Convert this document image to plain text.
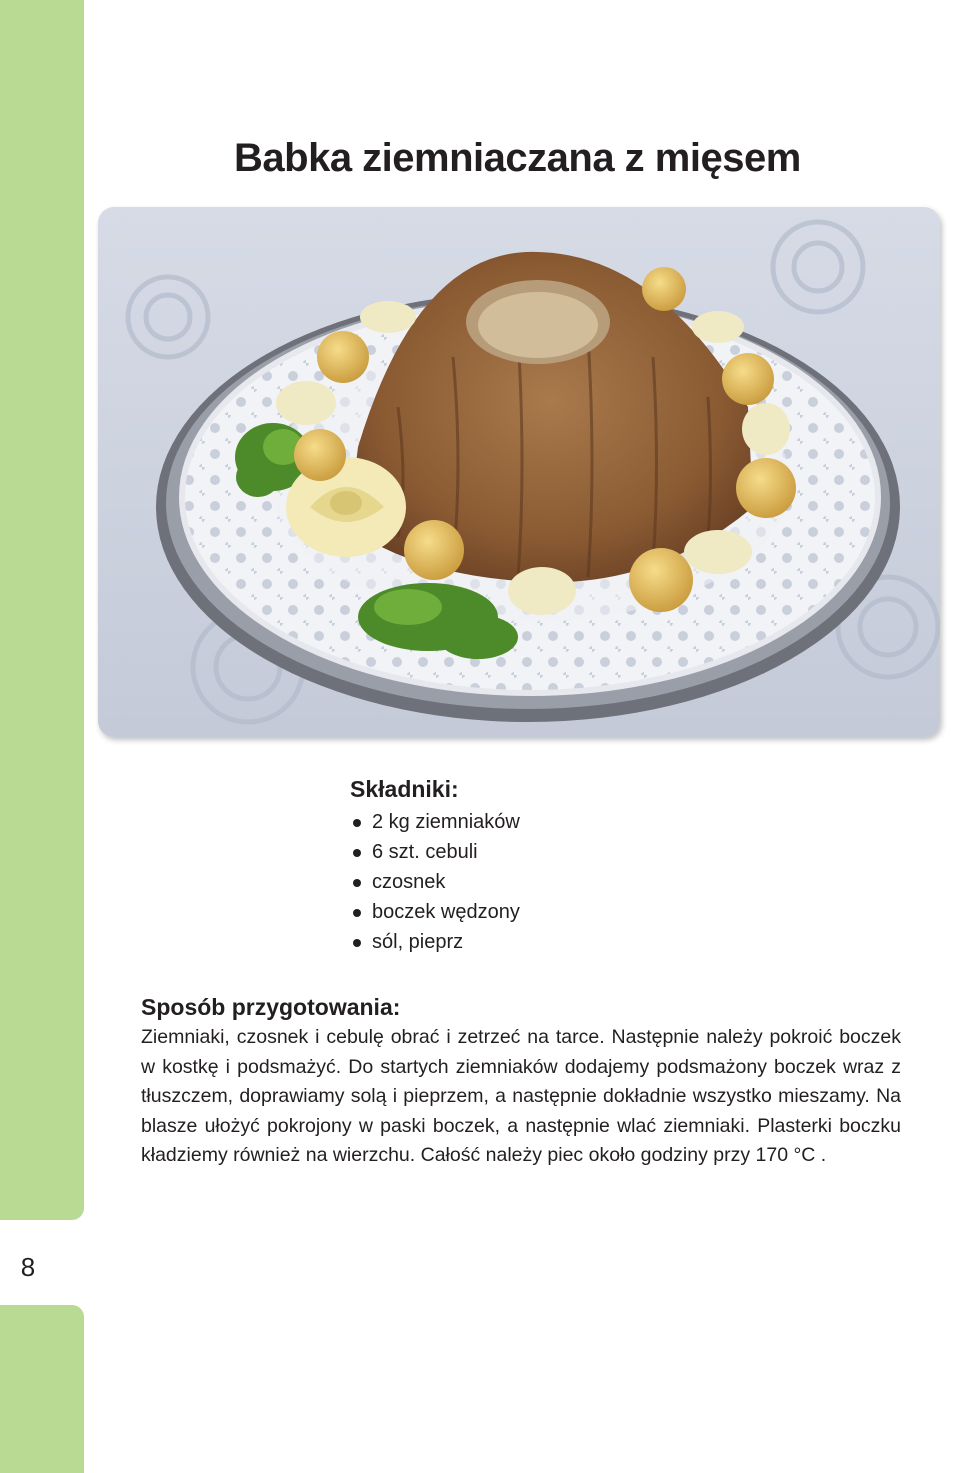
8
Babka ziemniaczana z mięsem
Składniki:
2 kg ziemniaków
6 szt. cebuli
czosnek
boczek wędzony
sól, pieprz
Sposób przygotowania:

Ziemniaki, czosnek i cebulę obrać i zetrzeć na tarce. Następnie należy pokroić boczek w kostkę i podsmażyć. Do startych ziemniaków dodajemy podsmażony boczek wraz z tłuszczem, doprawiamy solą i pieprzem, a następnie dokładnie wszystko mieszamy. Na blasze ułożyć pokrojony w paski boczek, a następnie wlać ziemniaki. Plasterki boczku kładziemy również na wierzchu. Całość należy piec około godziny przy 170 °C .
